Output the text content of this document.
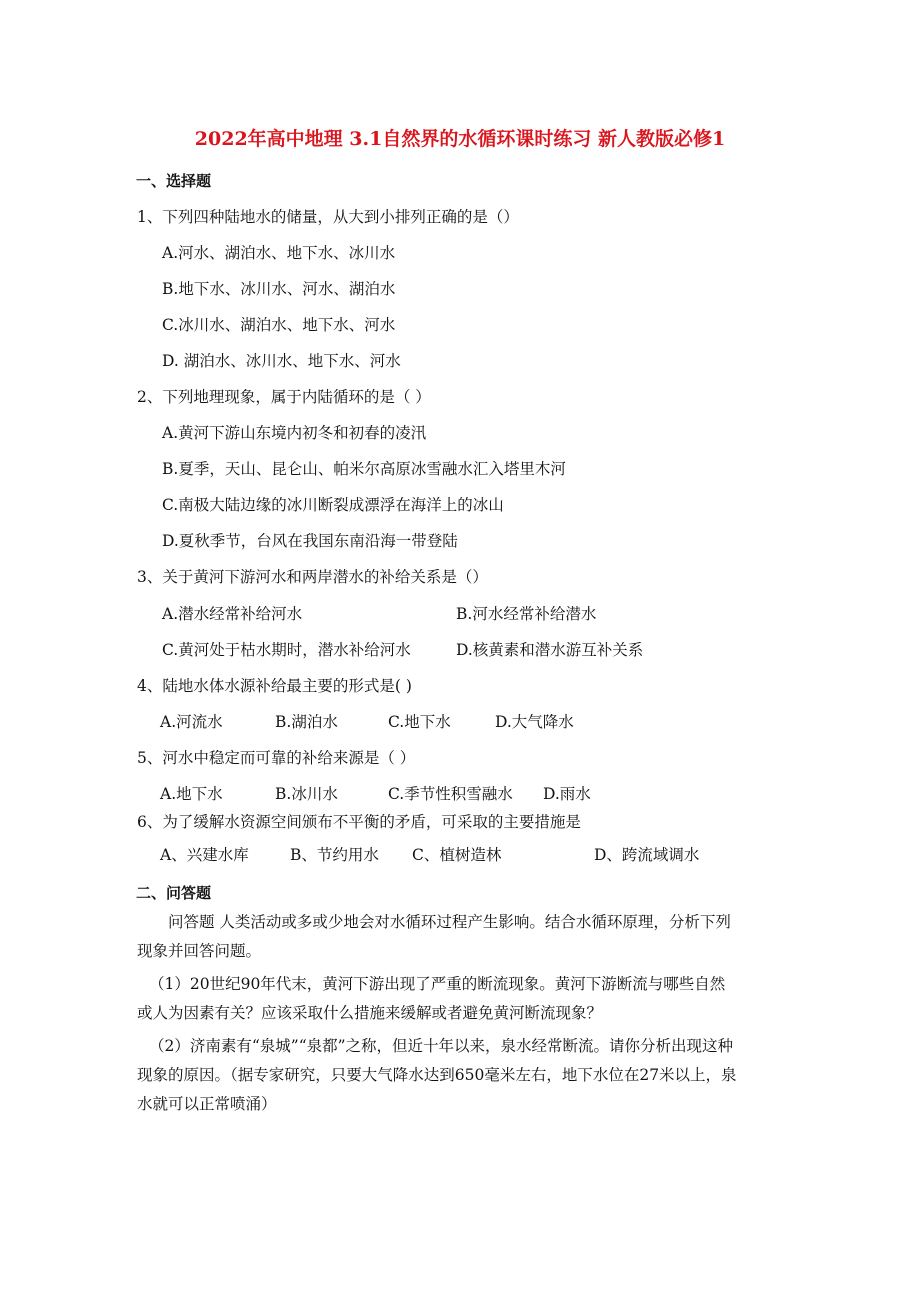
2022年高中地理 3.1自然界的水循环课时练习 新人教版必修1
一、选择题
1、下列四种陆地水的储量，从大到小排列正确的是（）
A.河水、湖泊水、地下水、冰川水
B.地下水、冰川水、河水、湖泊水
C.冰川水、湖泊水、地下水、河水
D. 湖泊水、冰川水、地下水、河水
2、下列地理现象，属于内陆循环的是（ ）
A.黄河下游山东境内初冬和初春的凌汛
B.夏季，天山、昆仑山、帕米尔高原冰雪融水汇入塔里木河
C.南极大陆边缘的冰川断裂成漂浮在海洋上的冰山
D.夏秋季节，台风在我国东南沿海一带登陆
3、关于黄河下游河水和两岸潜水的补给关系是（）
A.潜水经常补给河水	B.河水经常补给潜水
C.黄河处于枯水期时，潜水补给河水	D.核黄素和潜水游互补关系
4、陆地水体水源补给最主要的形式是( )
A.河流水	B.湖泊水	C.地下水	D.大气降水
5、河水中稳定而可靠的补给来源是（ ）
A.地下水	B.冰川水	C.季节性积雪融水 D.雨水
6、为了缓解水资源空间颁布不平衡的矛盾，可采取的主要措施是
A、兴建水库	B、节约用水 C、植树造林	D、跨流域调水
二、问答题
问答题 人类活动或多或少地会对水循环过程产生影响。结合水循环原理，分析下列现象并回答问题。
（1）20世纪90年代末，黄河下游出现了严重的断流现象。黄河下游断流与哪些自然或人为因素有关？应该采取什么措施来缓解或者避免黄河断流现象？
（2）济南素有“泉城”“泉都”之称，但近十年以来，泉水经常断流。请你分析出现这种现象的原因。（据专家研究，只要大气降水达到650毫米左右，地下水位在27米以上，泉水就可以正常喷涌）
